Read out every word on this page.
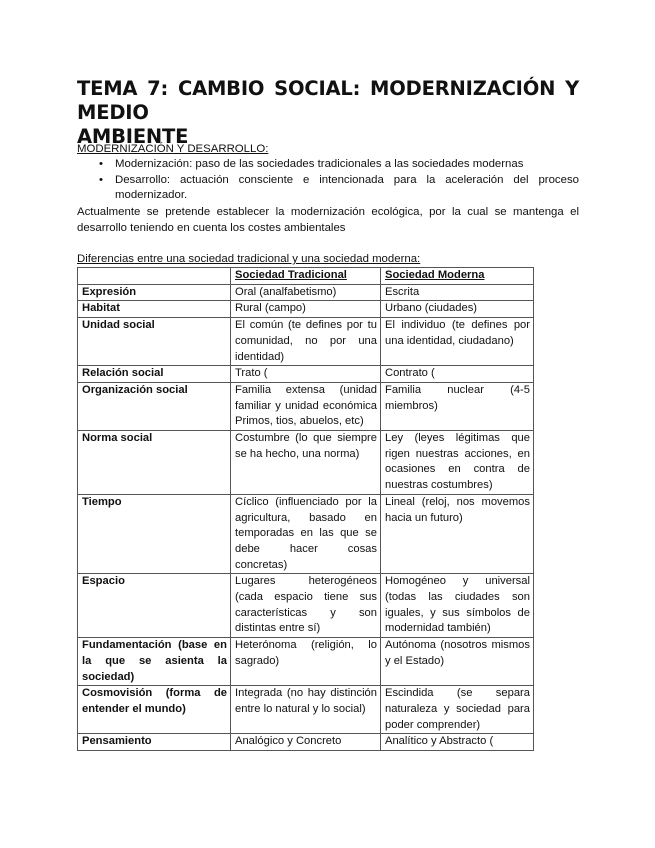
TEMA 7: CAMBIO SOCIAL: MODERNIZACIÓN Y MEDIO
AMBIENTE
MODERNIZACIÓN Y DESARROLLO:
• Modernización: paso de las sociedades tradicionales a las sociedades modernas
• Desarrollo: actuación consciente e intencionada para la aceleración del proceso modernizador.

Actualmente se pretende establecer la modernización ecológica, por la cual se mantenga el desarrollo teniendo en cuenta los costes ambientales

Diferencias entre una sociedad tradicional y una sociedad moderna:
	Sociedad Tradicional	Sociedad Moderna
Expresión	Oral (analfabetismo)	Escrita
Habitat	Rural (campo)	Urbano (ciudades)
Unidad social	El común (te defines por tu comunidad, no por una identidad)	El individuo (te defines por una identidad, ciudadano)
Relación social	Trato (	Contrato (
Organización social	Familia extensa (unidad familiar y unidad económica Primos, tios, abuelos, etc)	Familia nuclear (4-5 miembros)
Norma social	Costumbre (lo que siempre se ha hecho, una norma)	Ley (leyes légitimas que rigen nuestras acciones, en ocasiones en contra de nuestras costumbres)
Tiempo	Cíclico (influenciado por la agricultura, basado en temporadas en las que se debe hacer cosas concretas)	Lineal (reloj, nos movemos hacia un futuro)
Espacio	Lugares heterogéneos (cada espacio tiene sus características y son distintas entre sí)	Homogéneo y universal (todas las ciudades son iguales, y sus símbolos de modernidad también)
Fundamentación (base en la que se asienta la sociedad)	Heterónoma (religión, lo sagrado)	Autónoma (nosotros mismos y el Estado)
Cosmovisión (forma de entender el mundo)	Integrada (no hay distinción entre lo natural y lo social)	Escindida (se separa naturaleza y sociedad para poder comprender)
Pensamiento	Analógico y Concreto	Analítico y Abstracto (
